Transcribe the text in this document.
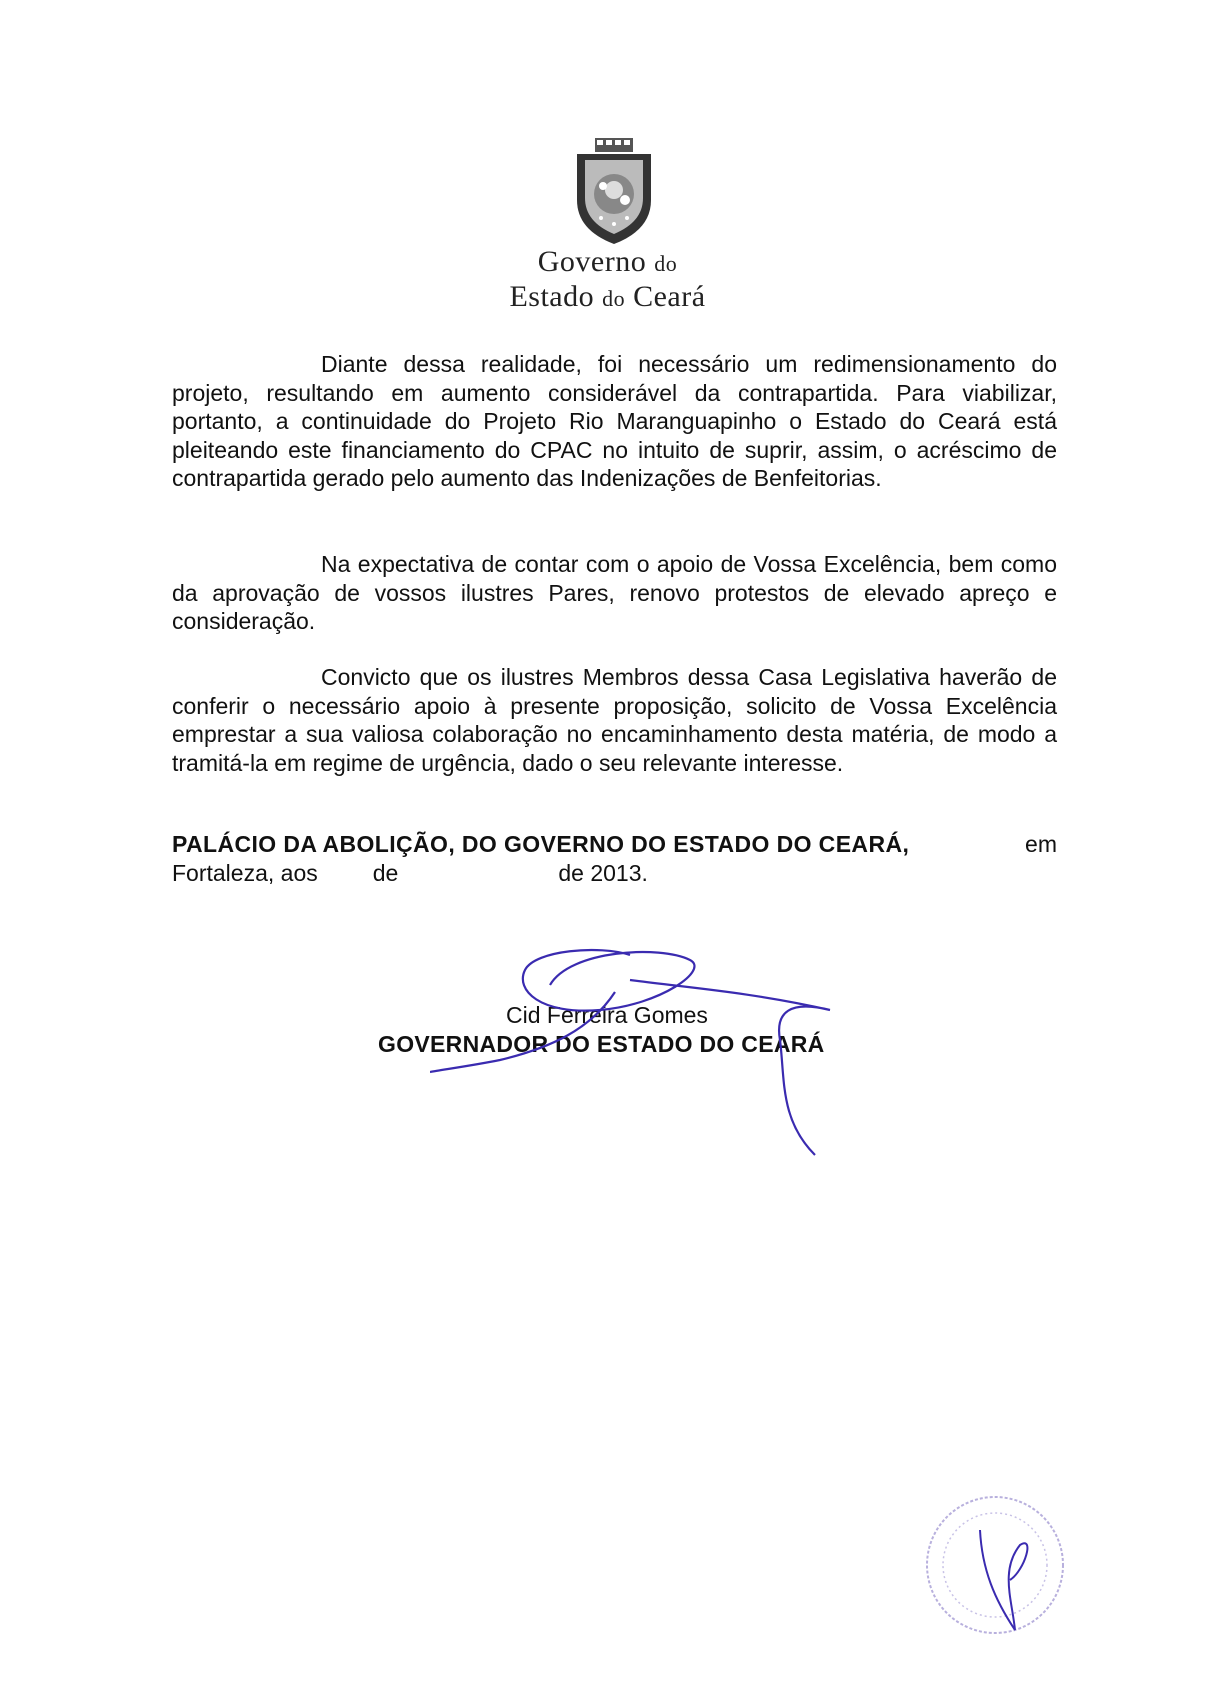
Governo do
Estado do Ceará
Diante dessa realidade, foi necessário um redimensionamento do projeto, resultando em aumento considerável da contrapartida. Para viabilizar, portanto, a continuidade do Projeto Rio Maranguapinho o Estado do Ceará está pleiteando este financiamento do CPAC no intuito de suprir, assim, o acréscimo de contrapartida gerado pelo aumento das Indenizações de Benfeitorias.
Na expectativa de contar com o apoio de Vossa Excelência, bem como da aprovação de vossos ilustres Pares, renovo protestos de elevado apreço e consideração.
Convicto que os ilustres Membros dessa Casa Legislativa haverão de conferir o necessário apoio à presente proposição, solicito de Vossa Excelência emprestar a sua valiosa colaboração no encaminhamento desta matéria, de modo a tramitá-la em regime de urgência, dado o seu relevante interesse.
PALÁCIO DA ABOLIÇÃO, DO GOVERNO DO ESTADO DO CEARÁ,	em
Fortaleza, aos de	de 2013.
Cid Ferreira Gomes
GOVERNADOR DO ESTADO DO CEARÁ
